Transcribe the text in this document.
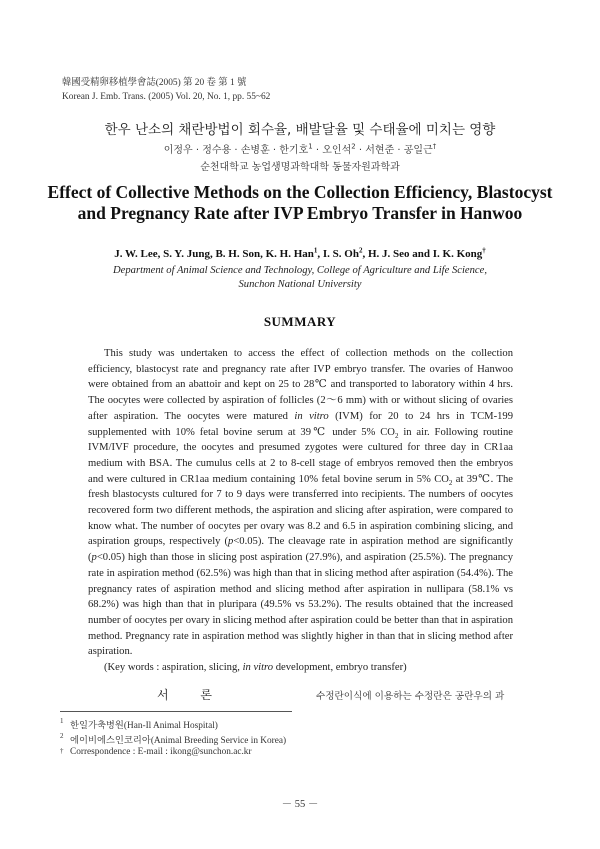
韓國受精卵移植學會誌(2005) 第 20 卷 第 1 號
Korean J. Emb. Trans. (2005) Vol. 20, No. 1, pp. 55~62
한우 난소의 채란방법이 회수율, 배발달율 및 수태율에 미치는 영향
이정우 · 정수용 · 손병훈 · 한기호$^1$ · 오인석$^2$ · 서현준 · 공일근†
순천대학교 농업생명과학대학 동물자원과학과
Effect of Collective Methods on the Collection Efficiency, Blastocyst and Pregnancy Rate after IVP Embryo Transfer in Hanwoo
J. W. Lee, S. Y. Jung, B. H. Son, K. H. Han$^1$, I. S. Oh$^2$, H. J. Seo and I. K. Kong†
Department of Animal Science and Technology, College of Agriculture and Life Science,
Sunchon National University
SUMMARY

This study was undertaken to access the effect of collection methods on the collection efficiency, blastocyst rate and pregnancy rate after IVP embryo transfer. The ovaries of Hanwoo were obtained from an abattoir and kept on 25 to 28℃ and transported to laboratory within 4 hrs. The oocytes were collected by aspiration of follicles (2～6 mm) with or without slicing of ovaries after aspiration. The oocytes were matured in vitro (IVM) for 20 to 24 hrs in TCM-199 supplemented with 10% fetal bovine serum at 39℃ under 5% $CO_2$ in air. Following routine IVM/IVF procedure, the oocytes and presumed zygotes were cultured for three day in CR1aa medium with BSA. The cumulus cells at 2 to 8-cell stage of embryos removed then the embryos and were cultured in CR1aa medium containing 10% fetal bovine serum in 5% $CO_2$ at 39℃. The fresh blastocysts cultured for 7 to 9 days were transferred into recipients. The numbers of oocytes recovered form two different methods, the aspiration and slicing after aspiration, were compared to know what. The number of oocytes per ovary was 8.2 and 6.5 in aspiration combining slicing, and aspiration groups, respectively (p<0.05). The cleavage rate in aspiration method are significantly (p<0.05) high than those in slicing post aspiration (27.9%), and aspiration (25.5%). The pregnancy rate in aspiration method (62.5%) was high than that in slicing method after aspiration (54.4%). The pregnancy rates of aspiration method and slicing method after aspiration in nullipara (58.1% vs 68.2%) was high than that in pluripara (49.5% vs 53.2%). The results obtained that the increased number of oocytes per ovary in slicing method after aspiration could be better than that in aspiration method. Pregnancy rate in aspiration method was slightly higher in than that in slicing method after aspiration.

(Key words : aspiration, slicing, in vitro development, embryo transfer)

서 론	수정란이식에 이용하는 수정란은 공란우의 과
1 한일가축병원(Han-Il Animal Hospital)
2 에이비에스인코리아(Animal Breeding Service in Korea)
† Correspondence : E-mail : ikong@sunchon.ac.kr
－ 55 －
